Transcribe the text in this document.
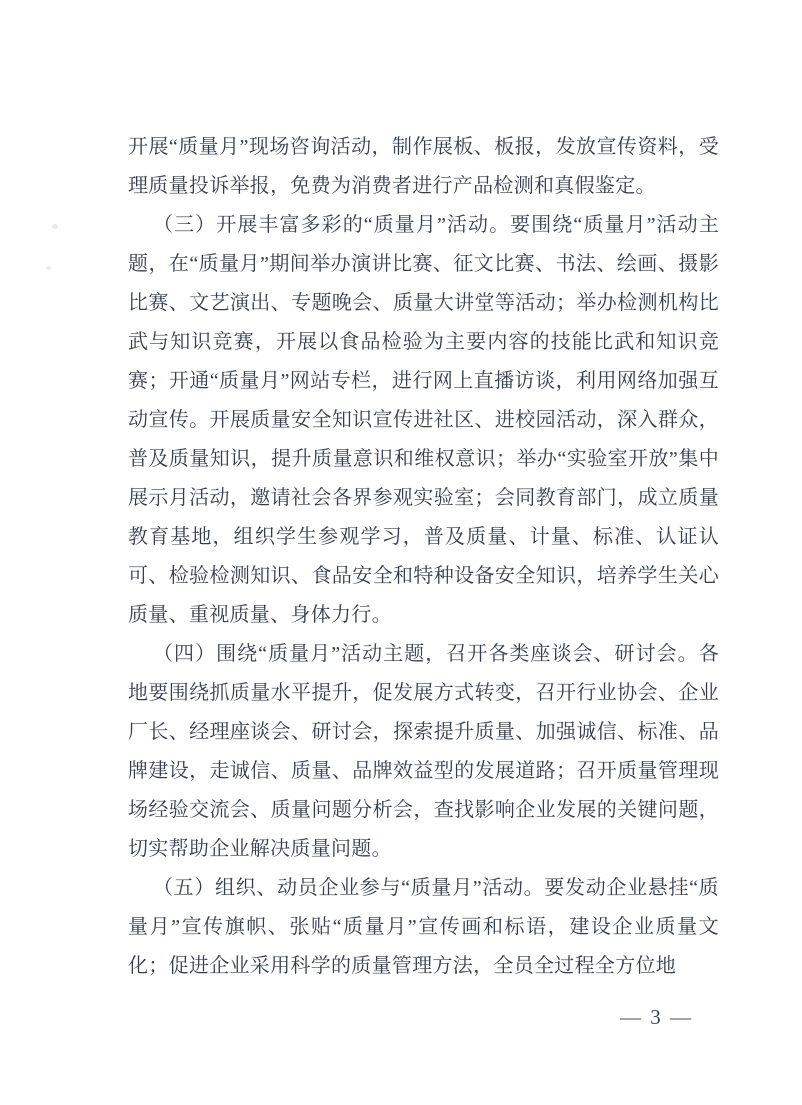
开展“质量月”现场咨询活动，制作展板、板报，发放宣传资料，受理质量投诉举报，免费为消费者进行产品检测和真假鉴定。

（三）开展丰富多彩的“质量月”活动。要围绕“质量月”活动主题，在“质量月”期间举办演讲比赛、征文比赛、书法、绘画、摄影比赛、文艺演出、专题晚会、质量大讲堂等活动；举办检测机构比武与知识竞赛，开展以食品检验为主要内容的技能比武和知识竞赛；开通“质量月”网站专栏，进行网上直播访谈，利用网络加强互动宣传。开展质量安全知识宣传进社区、进校园活动，深入群众，普及质量知识，提升质量意识和维权意识；举办“实验室开放”集中展示月活动，邀请社会各界参观实验室；会同教育部门，成立质量教育基地，组织学生参观学习，普及质量、计量、标准、认证认可、检验检测知识、食品安全和特种设备安全知识，培养学生关心质量、重视质量、身体力行。

（四）围绕“质量月”活动主题，召开各类座谈会、研讨会。各地要围绕抓质量水平提升，促发展方式转变，召开行业协会、企业厂长、经理座谈会、研讨会，探索提升质量、加强诚信、标准、品牌建设，走诚信、质量、品牌效益型的发展道路；召开质量管理现场经验交流会、质量问题分析会，查找影响企业发展的关键问题，切实帮助企业解决质量问题。

（五）组织、动员企业参与“质量月”活动。要发动企业悬挂“质量月”宣传旗帜、张贴“质量月”宣传画和标语，建设企业质量文化；促进企业采用科学的质量管理方法，全员全过程全方位地

— 3 —
